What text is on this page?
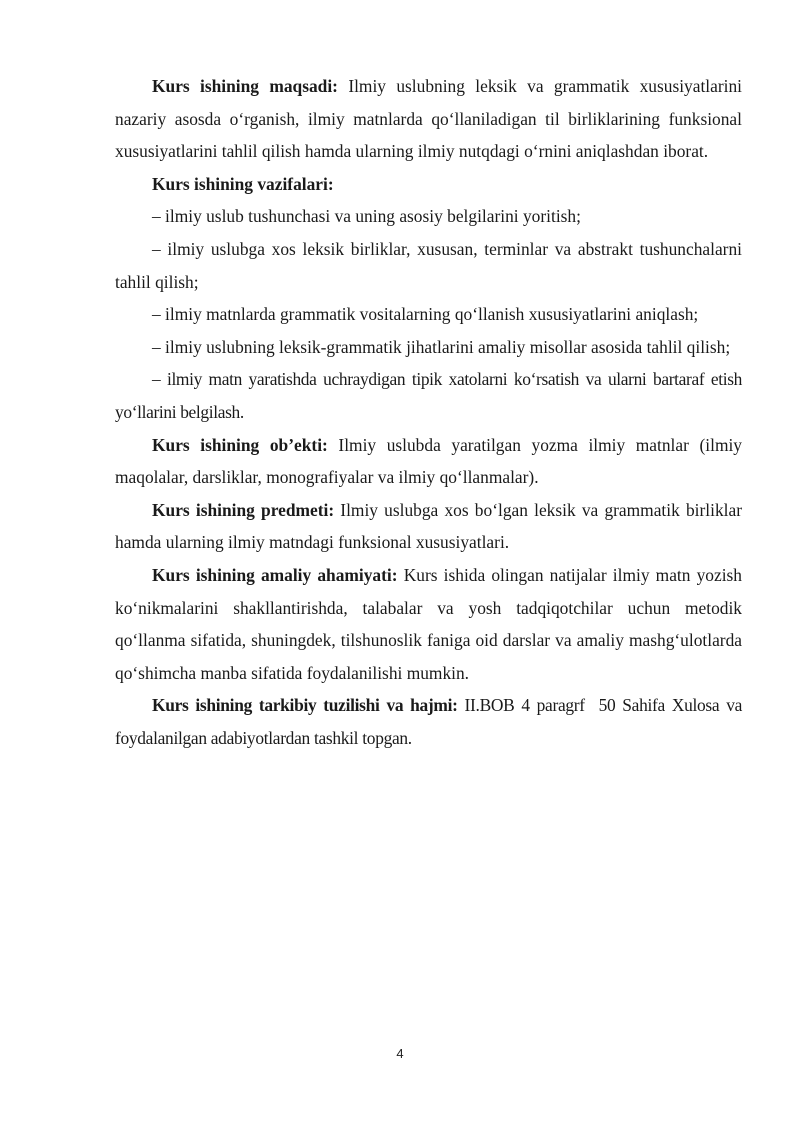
Kurs ishining maqsadi: Ilmiy uslubning leksik va grammatik xususiyatlarini nazariy asosda o‘rganish, ilmiy matnlarda qo‘llaniladigan til birliklarining funksional xususiyatlarini tahlil qilish hamda ularning ilmiy nutqdagi o‘rnini aniqlashdan iborat.

Kurs ishining vazifalari:

– ilmiy uslub tushunchasi va uning asosiy belgilarini yoritish;

– ilmiy uslubga xos leksik birliklar, xususan, terminlar va abstrakt tushunchalarni tahlil qilish;

– ilmiy matnlarda grammatik vositalarning qo‘llanish xususiyatlarini aniqlash;

– ilmiy uslubning leksik-grammatik jihatlarini amaliy misollar asosida tahlil qilish;

– ilmiy matn yaratishda uchraydigan tipik xatolarni ko‘rsatish va ularni bartaraf etish yo‘llarini belgilash.

Kurs ishining ob’ekti: Ilmiy uslubda yaratilgan yozma ilmiy matnlar (ilmiy maqolalar, darsliklar, monografiyalar va ilmiy qo‘llanmalar).

Kurs ishining predmeti: Ilmiy uslubga xos bo‘lgan leksik va grammatik birliklar hamda ularning ilmiy matndagi funksional xususiyatlari.

Kurs ishining amaliy ahamiyati: Kurs ishida olingan natijalar ilmiy matn yozish ko‘nikmalarini shakllantirishda, talabalar va yosh tadqiqotchilar uchun metodik qo‘llanma sifatida, shuningdek, tilshunoslik faniga oid darslar va amaliy mashg‘ulotlarda qo‘shimcha manba sifatida foydalanilishi mumkin.

Kurs ishining tarkibiy tuzilishi va hajmi: II.BOB 4 paragrf  50 Sahifa Xulosa va foydalanilgan adabiyotlardan tashkil topgan.

4
